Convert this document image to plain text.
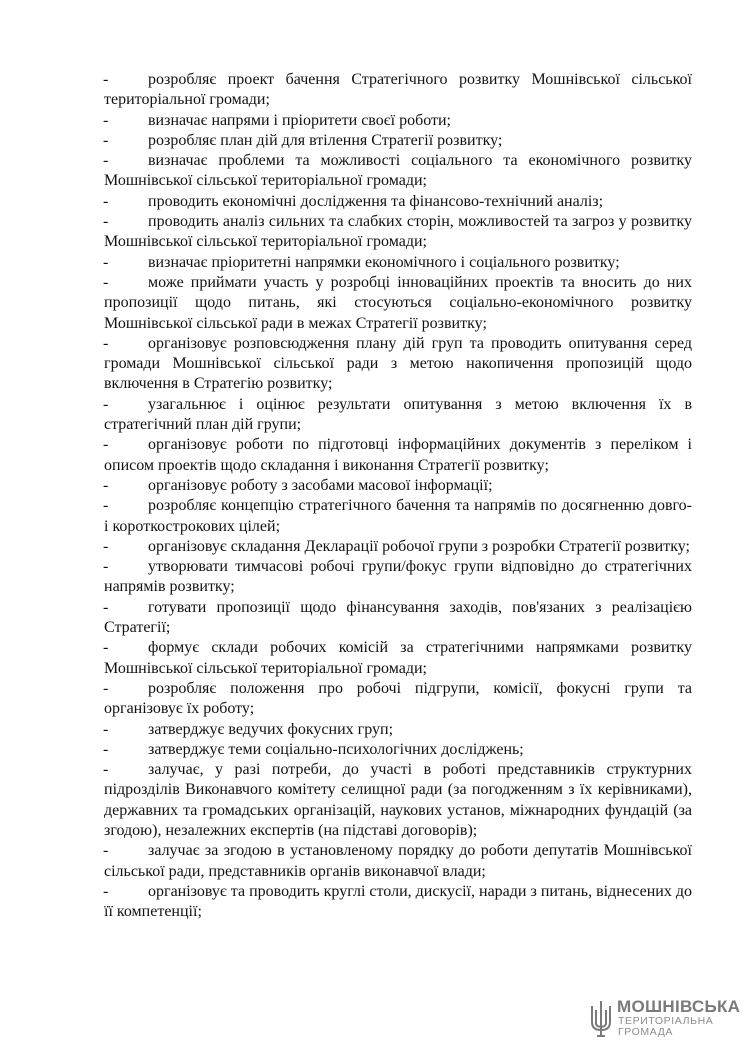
- розробляє проект бачення Стратегічного розвитку Мошнівської сільської територіальної громади;

- визначає напрями і пріоритети своєї роботи;

- розробляє план дій для втілення Стратегії розвитку;

- визначає проблеми та можливості соціального та економічного розвитку Мошнівської сільської територіальної громади;

- проводить економічні дослідження та фінансово-технічний аналіз;

- проводить аналіз сильних та слабких сторін, можливостей та загроз у розвитку Мошнівської сільської територіальної громади;

- визначає пріоритетні напрямки економічного і соціального розвитку;

- може приймати участь у розробці інноваційних проектів та вносить до них пропозиції щодо питань, які стосуються соціально-економічного розвитку Мошнівської сільської ради в межах Стратегії розвитку;

- організовує розповсюдження плану дій груп та проводить опитування серед громади Мошнівської сільської ради з метою накопичення пропозицій щодо включення в Стратегію розвитку;

- узагальнює і оцінює результати опитування з метою включення їх в стратегічний план дій групи;

- організовує роботи по підготовці інформаційних документів з переліком і описом проектів щодо складання і виконання Стратегії розвитку;

- організовує роботу з засобами масової інформації;

- розробляє концепцію стратегічного бачення та напрямів по досягненню довго- і короткострокових цілей;

- організовує складання Декларації робочої групи з розробки Стратегії розвитку;

- утворювати тимчасові робочі групи/фокус групи відповідно до стратегічних напрямів розвитку;

- готувати пропозиції щодо фінансування заходів, пов'язаних з реалізацією Стратегії;

- формує склади робочих комісій за стратегічними напрямками розвитку Мошнівської сільської територіальної громади;

- розробляє положення про робочі підгрупи, комісії, фокусні групи та організовує їх роботу;

- затверджує ведучих фокусних груп;

- затверджує теми соціально-психологічних досліджень;

- залучає, у разі потреби, до участі в роботі представників структурних підрозділів Виконавчого комітету селищної ради (за погодженням з їх керівниками), державних та громадських організацій, наукових установ, міжнародних фундацій (за згодою), незалежних експертів (на підставі договорів);

- залучає за згодою в установленому порядку до роботи депутатів Мошнівської сільської ради, представників органів виконавчої влади;

- організовує та проводить круглі столи, дискусії, наради з питань, віднесених до її компетенції;

МОШНІВСЬКА
ТЕРИТОРІАЛЬНА
ГРОМАДА
